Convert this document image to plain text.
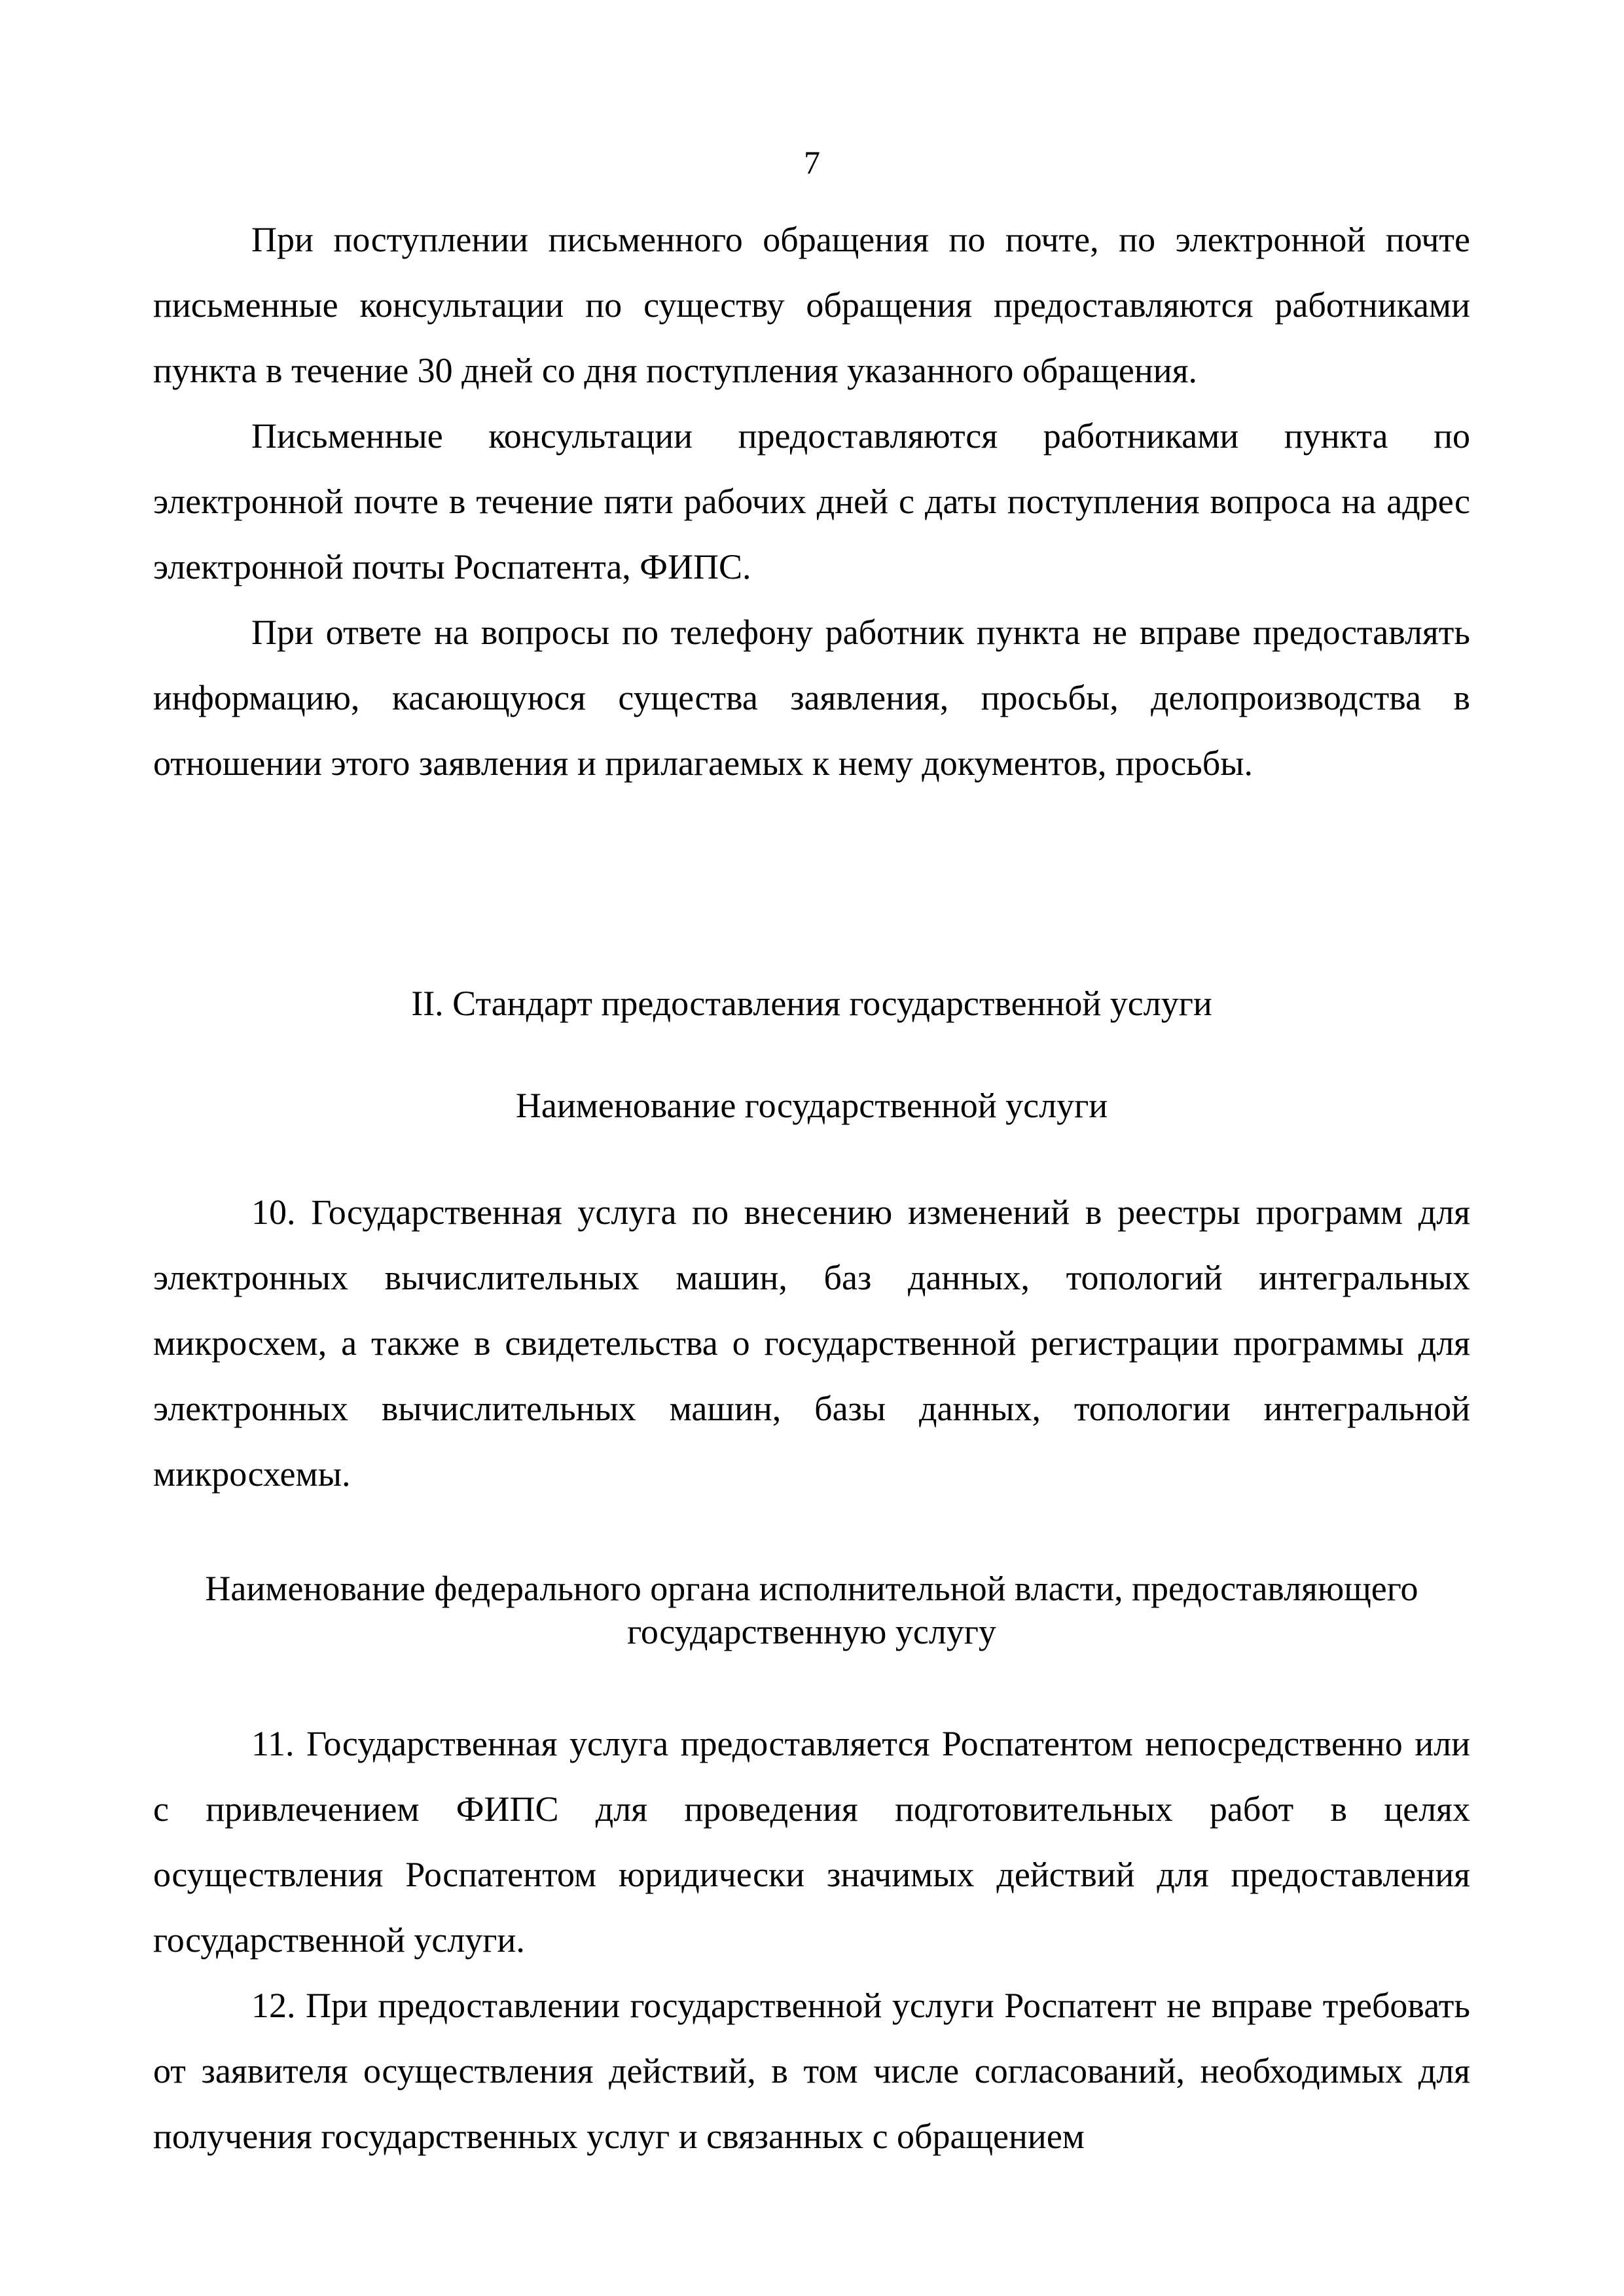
7

При поступлении письменного обращения по почте, по электронной почте письменные консультации по существу обращения предоставляются работниками пункта в течение 30 дней со дня поступления указанного обращения.

Письменные консультации предоставляются работниками пункта по электронной почте в течение пяти рабочих дней с даты поступления вопроса на адрес электронной почты Роспатента, ФИПС.

При ответе на вопросы по телефону работник пункта не вправе предоставлять информацию, касающуюся существа заявления, просьбы, делопроизводства в отношении этого заявления и прилагаемых к нему документов, просьбы.

II. Стандарт предоставления государственной услуги
Наименование государственной услуги

10. Государственная услуга по внесению изменений в реестры программ для электронных вычислительных машин, баз данных, топологий интегральных микросхем, а также в свидетельства о государственной регистрации программы для электронных вычислительных машин, базы данных, топологии интегральной микросхемы.

Наименование федерального органа исполнительной власти, предоставляющего
государственную услугу

11. Государственная услуга предоставляется Роспатентом непосредственно или с привлечением ФИПС для проведения подготовительных работ в целях осуществления Роспатентом юридически значимых действий для предоставления государственной услуги.

12. При предоставлении государственной услуги Роспатент не вправе требовать от заявителя осуществления действий, в том числе согласований, необходимых для получения государственных услуг и связанных с обращением
